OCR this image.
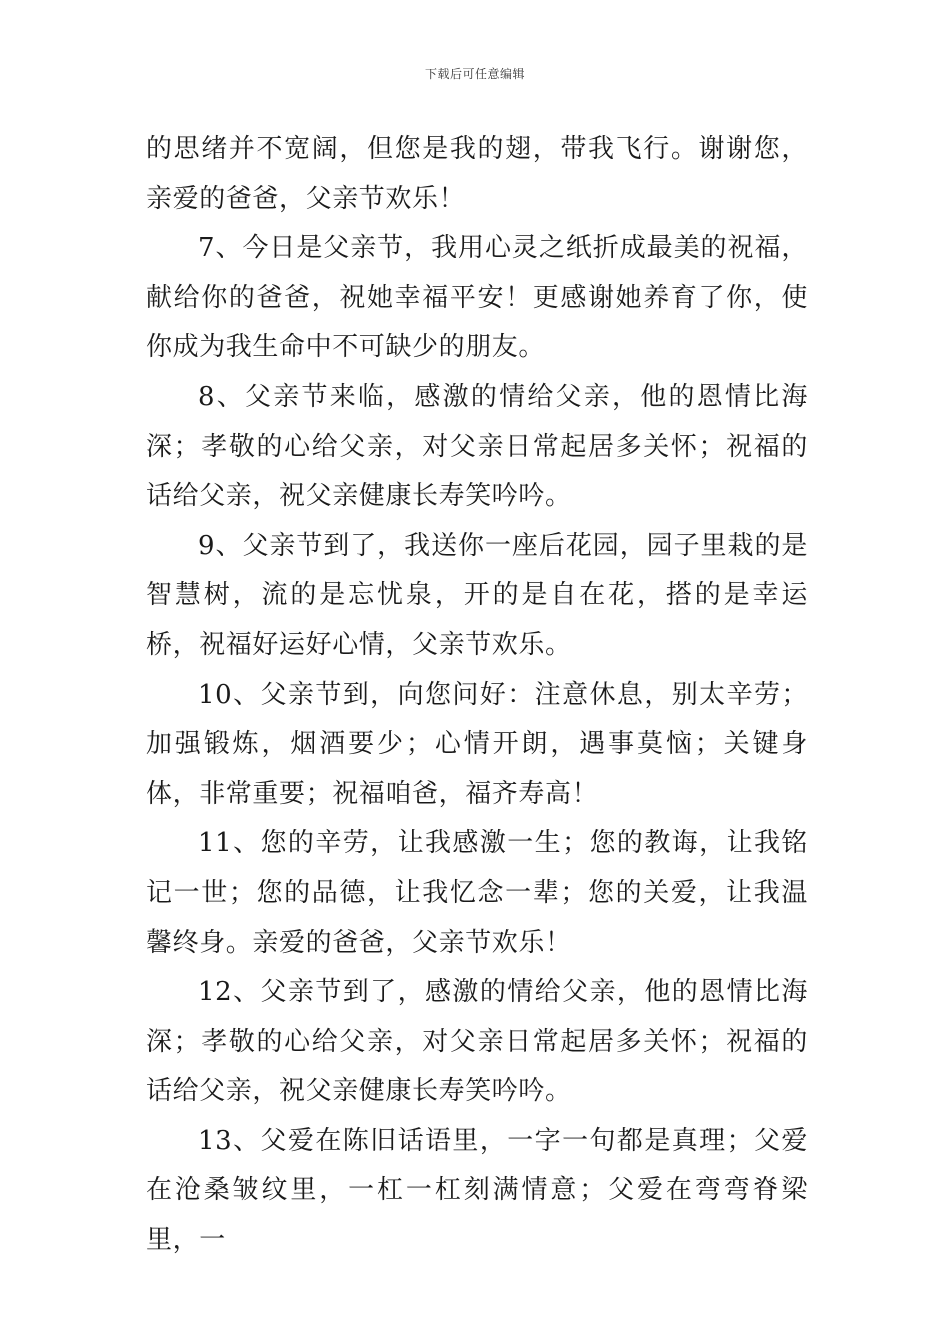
下载后可任意编辑

的思绪并不宽阔，但您是我的翅，带我飞行。谢谢您，亲爱的爸爸，父亲节欢乐！

7、今日是父亲节，我用心灵之纸折成最美的祝福，献给你的爸爸，祝她幸福平安！更感谢她养育了你，使你成为我生命中不可缺少的朋友。

8、父亲节来临，感激的情给父亲，他的恩情比海深；孝敬的心给父亲，对父亲日常起居多关怀；祝福的话给父亲，祝父亲健康长寿笑吟吟。

9、父亲节到了，我送你一座后花园，园子里栽的是智慧树，流的是忘忧泉，开的是自在花，搭的是幸运桥，祝福好运好心情，父亲节欢乐。

10、父亲节到，向您问好：注意休息，别太辛劳；加强锻炼，烟酒要少；心情开朗，遇事莫恼；关键身体，非常重要；祝福咱爸，福齐寿高！

11、您的辛劳，让我感激一生；您的教诲，让我铭记一世；您的品德，让我忆念一辈；您的关爱，让我温馨终身。亲爱的爸爸，父亲节欢乐！

12、父亲节到了，感激的情给父亲，他的恩情比海深；孝敬的心给父亲，对父亲日常起居多关怀；祝福的话给父亲，祝父亲健康长寿笑吟吟。

13、父爱在陈旧话语里，一字一句都是真理；父爱在沧桑皱纹里，一杠一杠刻满情意；父爱在弯弯脊梁里，一
